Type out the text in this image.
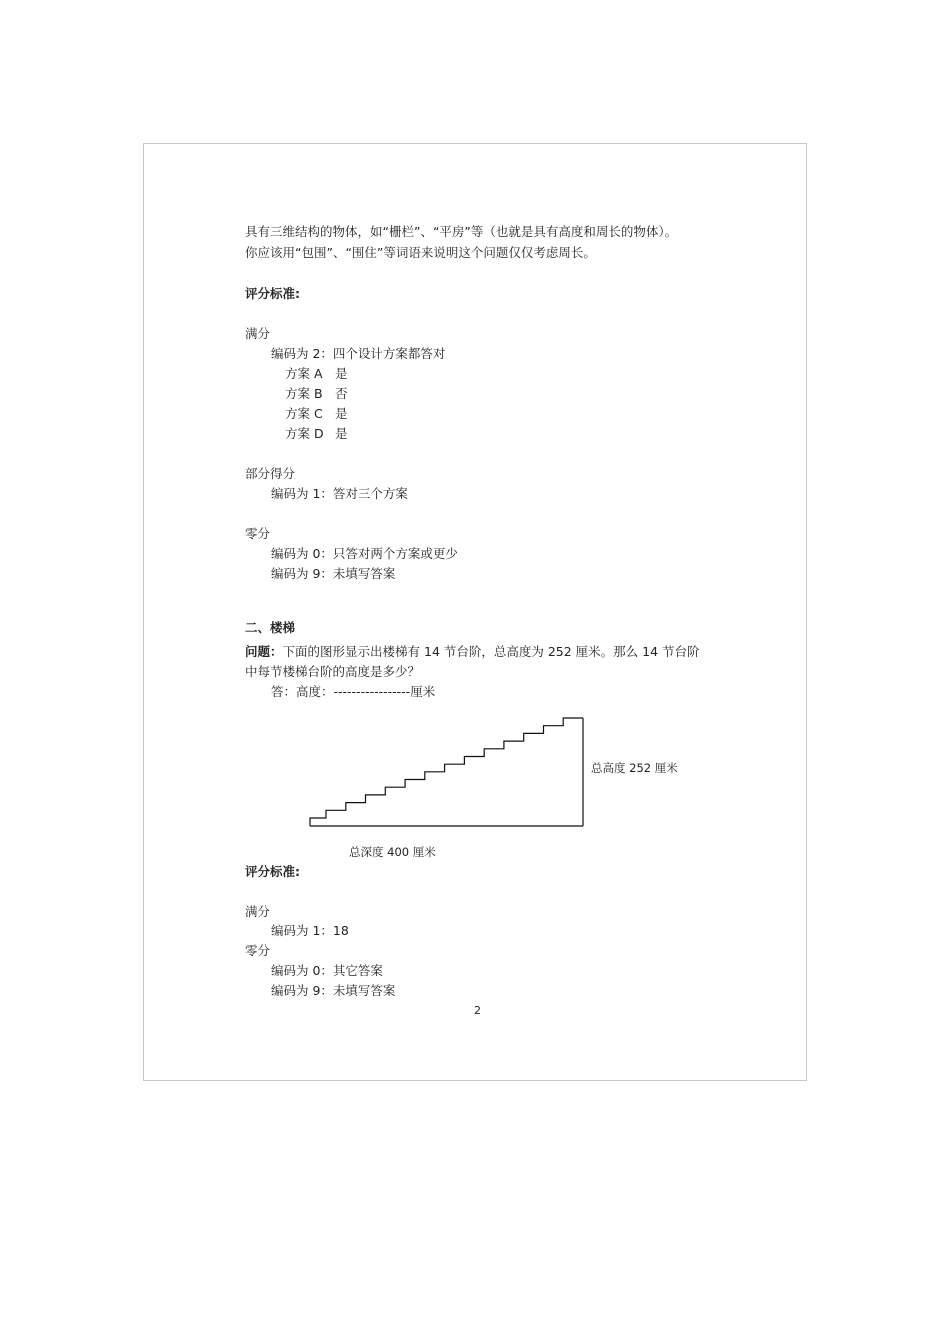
具有三维结构的物体，如“栅栏”、“平房”等（也就是具有高度和周长的物体）。
你应该用“包围”、“围住”等词语来说明这个问题仅仅考虑周长。
评分标准:
满分
编码为 2：四个设计方案都答对
方案 A 是
方案 B 否
方案 C 是
方案 D 是
部分得分
编码为 1：答对三个方案
零分
编码为 0：只答对两个方案或更少
编码为 9：未填写答案
二、楼梯
问题：下面的图形显示出楼梯有 14 节台阶，总高度为 252 厘米。那么 14 节台阶
中每节楼梯台阶的高度是多少？
答：高度：-----------------厘米
总高度 252 厘米
总深度 400 厘米
评分标准:
满分
编码为 1：18
零分
编码为 0：其它答案
编码为 9：未填写答案
2
